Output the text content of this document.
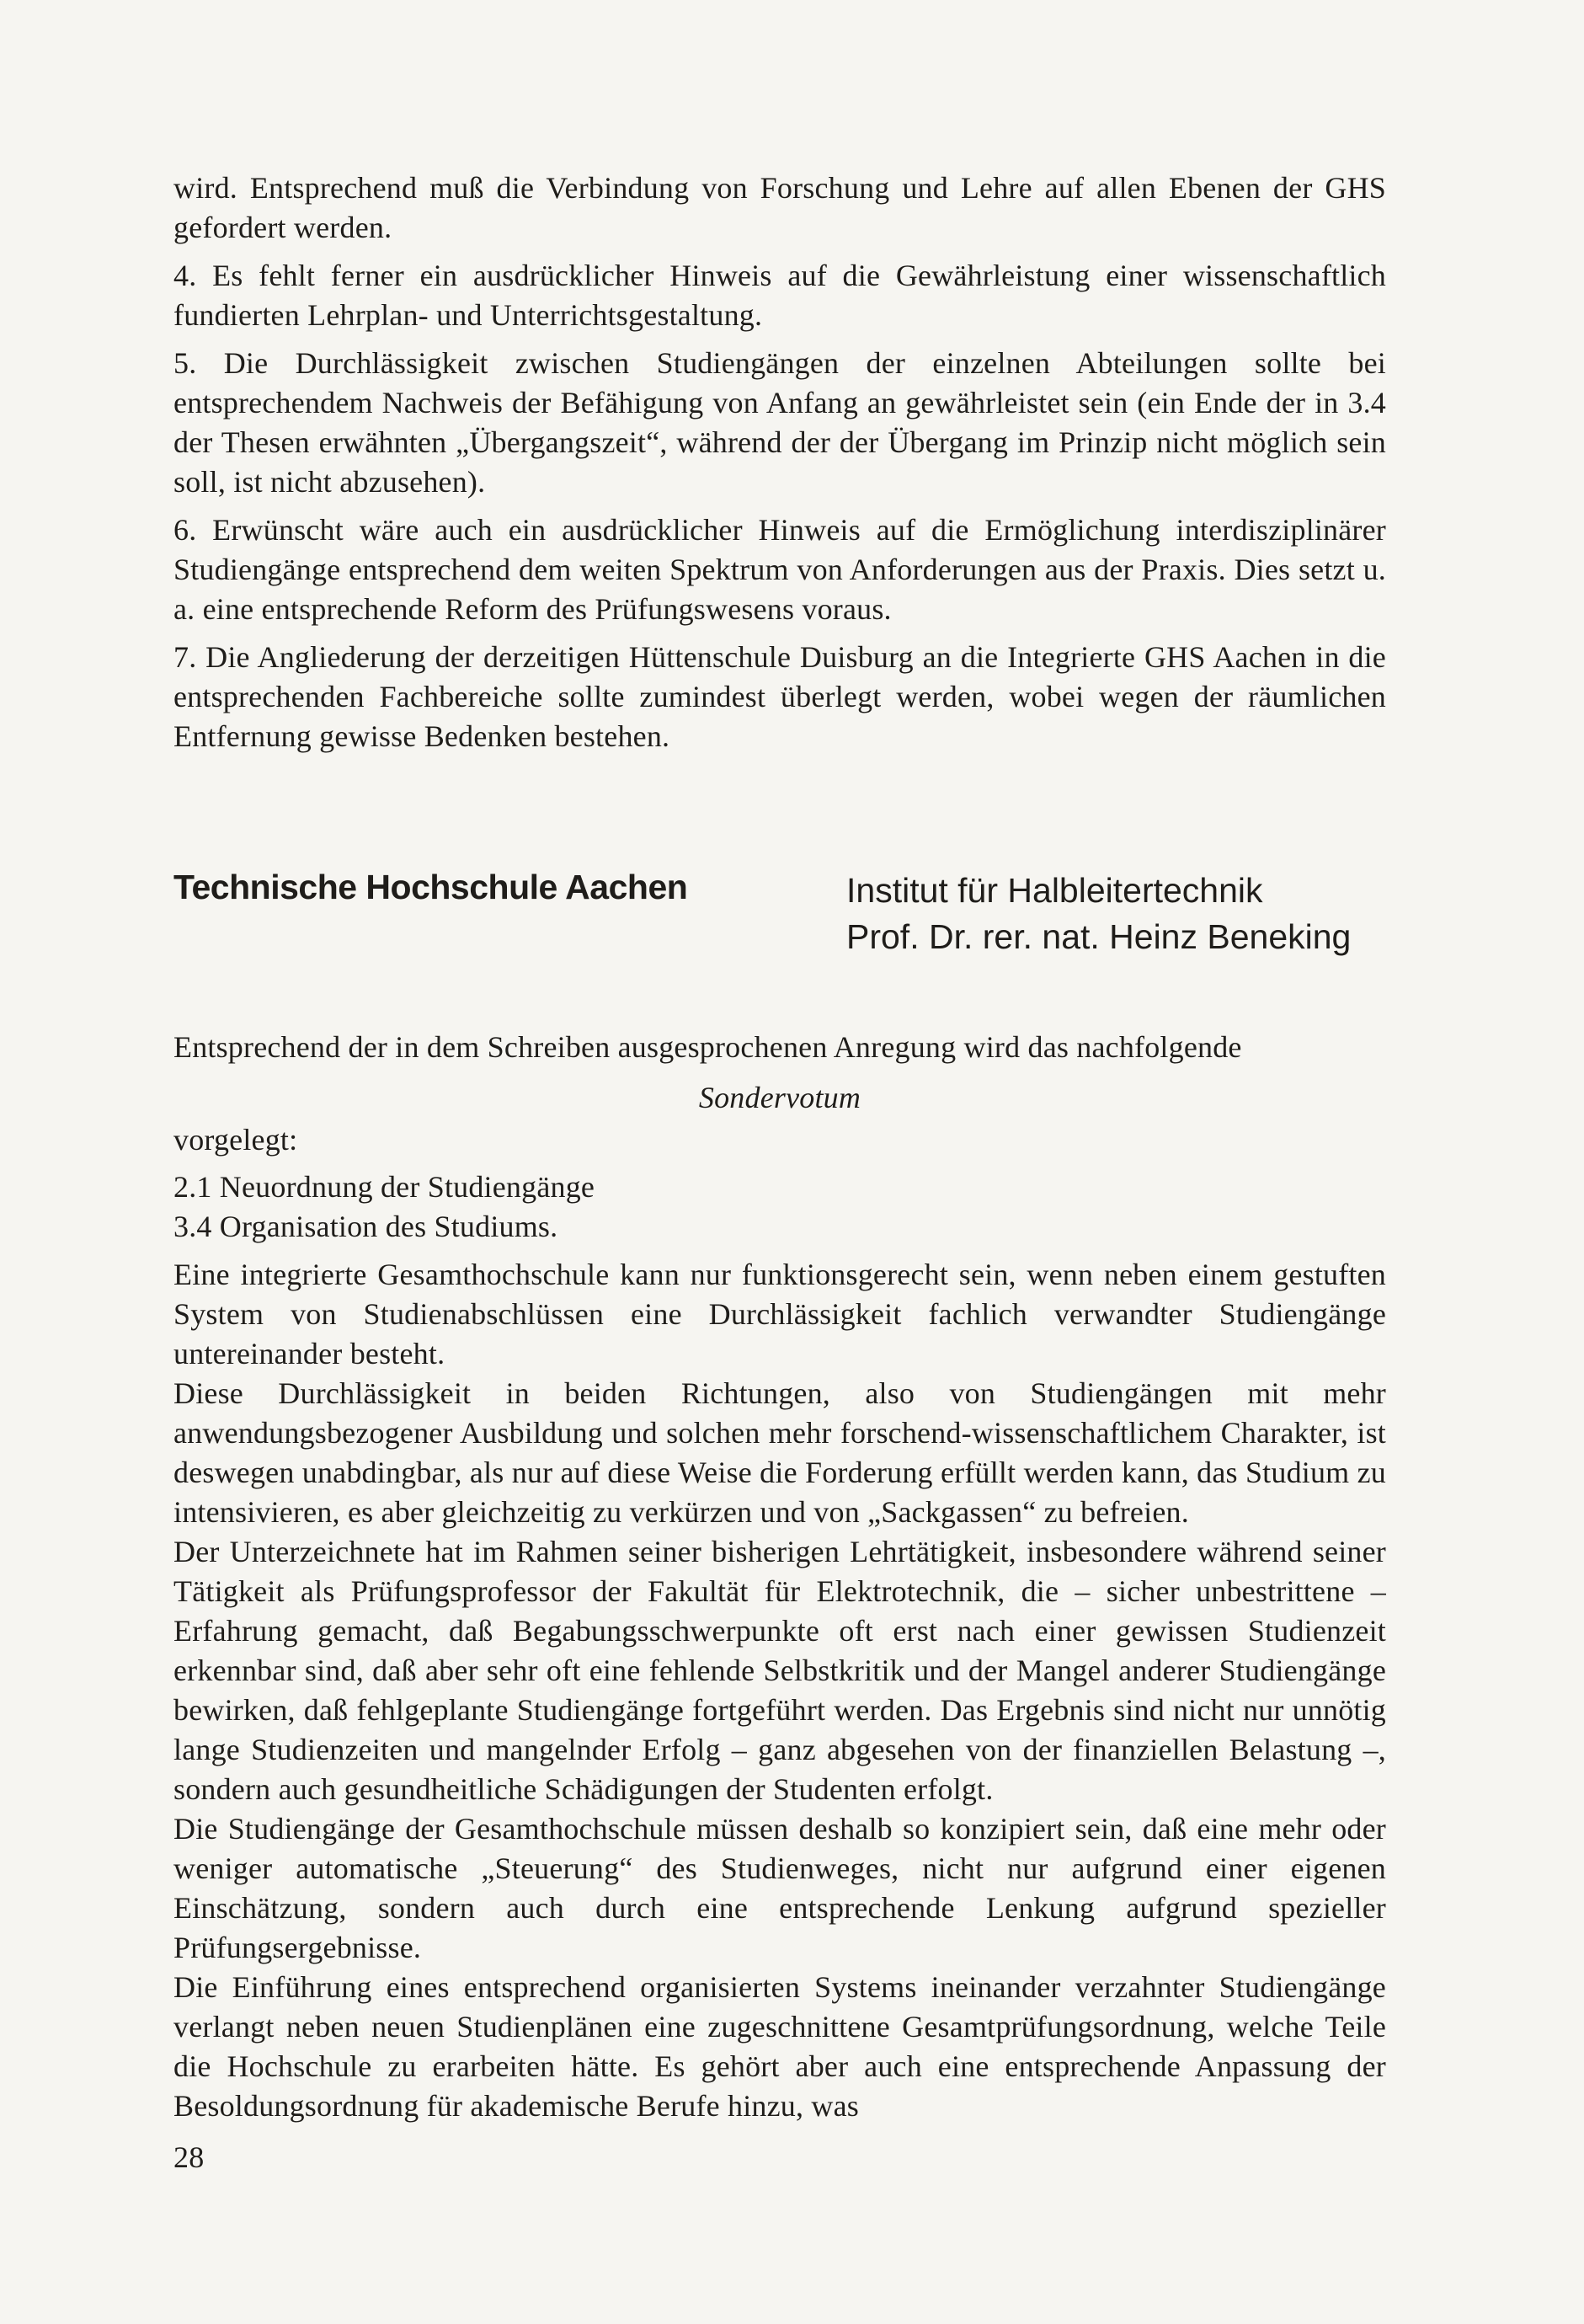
wird. Entsprechend muß die Verbindung von Forschung und Lehre auf allen Ebenen der GHS gefordert werden.

4. Es fehlt ferner ein ausdrücklicher Hinweis auf die Gewährleistung einer wissenschaftlich fundierten Lehrplan- und Unterrichtsgestaltung.

5. Die Durchlässigkeit zwischen Studiengängen der einzelnen Abteilungen sollte bei entsprechendem Nachweis der Befähigung von Anfang an gewährleistet sein (ein Ende der in 3.4 der Thesen erwähnten „Übergangszeit“, während der der Übergang im Prinzip nicht möglich sein soll, ist nicht abzusehen).

6. Erwünscht wäre auch ein ausdrücklicher Hinweis auf die Ermöglichung interdisziplinärer Studiengänge entsprechend dem weiten Spektrum von Anforderungen aus der Praxis. Dies setzt u. a. eine entsprechende Reform des Prüfungswesens voraus.

7. Die Angliederung der derzeitigen Hüttenschule Duisburg an die Integrierte GHS Aachen in die entsprechenden Fachbereiche sollte zumindest überlegt werden, wobei wegen der räumlichen Entfernung gewisse Bedenken bestehen.

Technische Hochschule Aachen	Institut für Halbleitertechnik
Prof. Dr. rer. nat. Heinz Beneking
Entsprechend der in dem Schreiben ausgesprochenen Anregung wird das nachfolgende
Sondervotum
vorgelegt:
2.1 Neuordnung der Studiengänge
3.4 Organisation des Studiums.

Eine integrierte Gesamthochschule kann nur funktionsgerecht sein, wenn neben einem gestuften System von Studienabschlüssen eine Durchlässigkeit fachlich verwandter Studiengänge untereinander besteht.

Diese Durchlässigkeit in beiden Richtungen, also von Studiengängen mit mehr anwendungsbezogener Ausbildung und solchen mehr forschend-wissenschaftlichem Charakter, ist deswegen unabdingbar, als nur auf diese Weise die Forderung erfüllt werden kann, das Studium zu intensivieren, es aber gleichzeitig zu verkürzen und von „Sackgassen“ zu befreien.

Der Unterzeichnete hat im Rahmen seiner bisherigen Lehrtätigkeit, insbesondere während seiner Tätigkeit als Prüfungsprofessor der Fakultät für Elektrotechnik, die – sicher unbestrittene – Erfahrung gemacht, daß Begabungsschwerpunkte oft erst nach einer gewissen Studienzeit erkennbar sind, daß aber sehr oft eine fehlende Selbstkritik und der Mangel anderer Studiengänge bewirken, daß fehlgeplante Studiengänge fortgeführt werden. Das Ergebnis sind nicht nur unnötig lange Studienzeiten und mangelnder Erfolg – ganz abgesehen von der finanziellen Belastung –, sondern auch gesundheitliche Schädigungen der Studenten erfolgt.

Die Studiengänge der Gesamthochschule müssen deshalb so konzipiert sein, daß eine mehr oder weniger automatische „Steuerung“ des Studienweges, nicht nur aufgrund einer eigenen Einschätzung, sondern auch durch eine entsprechende Lenkung aufgrund spezieller Prüfungsergebnisse.

Die Einführung eines entsprechend organisierten Systems ineinander verzahnter Studiengänge verlangt neben neuen Studienplänen eine zugeschnittene Gesamtprüfungsordnung, welche Teile die Hochschule zu erarbeiten hätte. Es gehört aber auch eine entsprechende Anpassung der Besoldungsordnung für akademische Berufe hinzu, was

28
